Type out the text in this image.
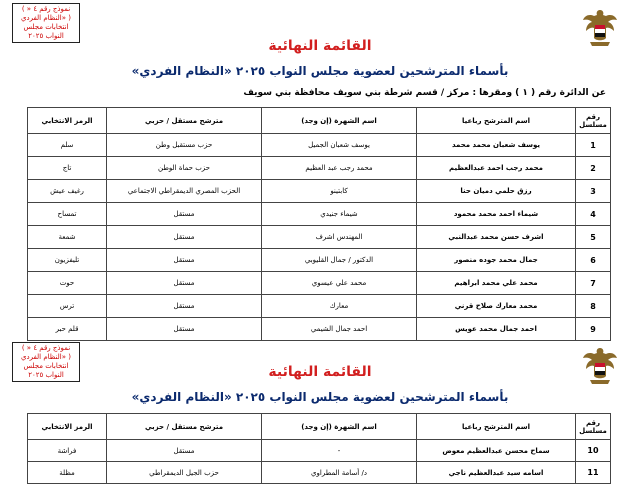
( نموذج رقم ٤ « النظام الفردي» )
انتخابات مجلس النواب ٢٠٢٥
القائمة النهائية
بأسماء المترشحين لعضوية مجلس النواب ٢٠٢٥ «النظام الفردي»
عن الدائرة رقم ( ١ ) ومقرها : مركز / قسم شرطة بني سويف محافظة بني سويف
رقم مسلسل	اسم المترشح رباعيا	اسم الشهرة (إن وجد)	مترشح مستقل / حزبي	الرمز الانتخابي
1	يوسف شعبان محمد محمد	يوسف شعبان الجميل	حزب مستقبل وطن	سلم
2	محمد رجب احمد عبدالعظيم	محمد رجب عبد العظيم	حزب حماة الوطن	تاج
3	رزق حلمي دميان حنا	كابتينو	الحزب المصري الديمقراطي الاجتماعي	رغيف عيش
4	شيماء احمد محمد محمود	شيماء جنيدي	مستقل	تمساح
5	اشرف حسن محمد عبدالنبي	المهندس اشرف	مستقل	شمعة
6	جمال محمد جوده منصور	الدكتور / جمال القليوبي	مستقل	تليفزيون
7	محمد علي محمد ابراهيم	محمد علي عيسوي	مستقل	حوت
8	محمد معارك صلاح قرني	معارك	مستقل	ترس
9	احمد جمال محمد عويس	احمد جمال الشيمي	مستقل	قلم حبر
( نموذج رقم ٤ « النظام الفردي» )
انتخابات مجلس النواب ٢٠٢٥	القائمة النهائية
بأسماء المترشحين لعضوية مجلس النواب ٢٠٢٥ «النظام الفردي»
رقم مسلسل	اسم المترشح رباعيا	اسم الشهرة (إن وجد)	مترشح مستقل / حزبي	الرمز الانتخابي
10	سماح محسن عبدالعظيم معوض	-	مستقل	فراشة
11	اسامه سيد عبدالعظيم ناجي	د/ أسامة المطراوي	حزب الجيل الديمقراطي	مظلة
